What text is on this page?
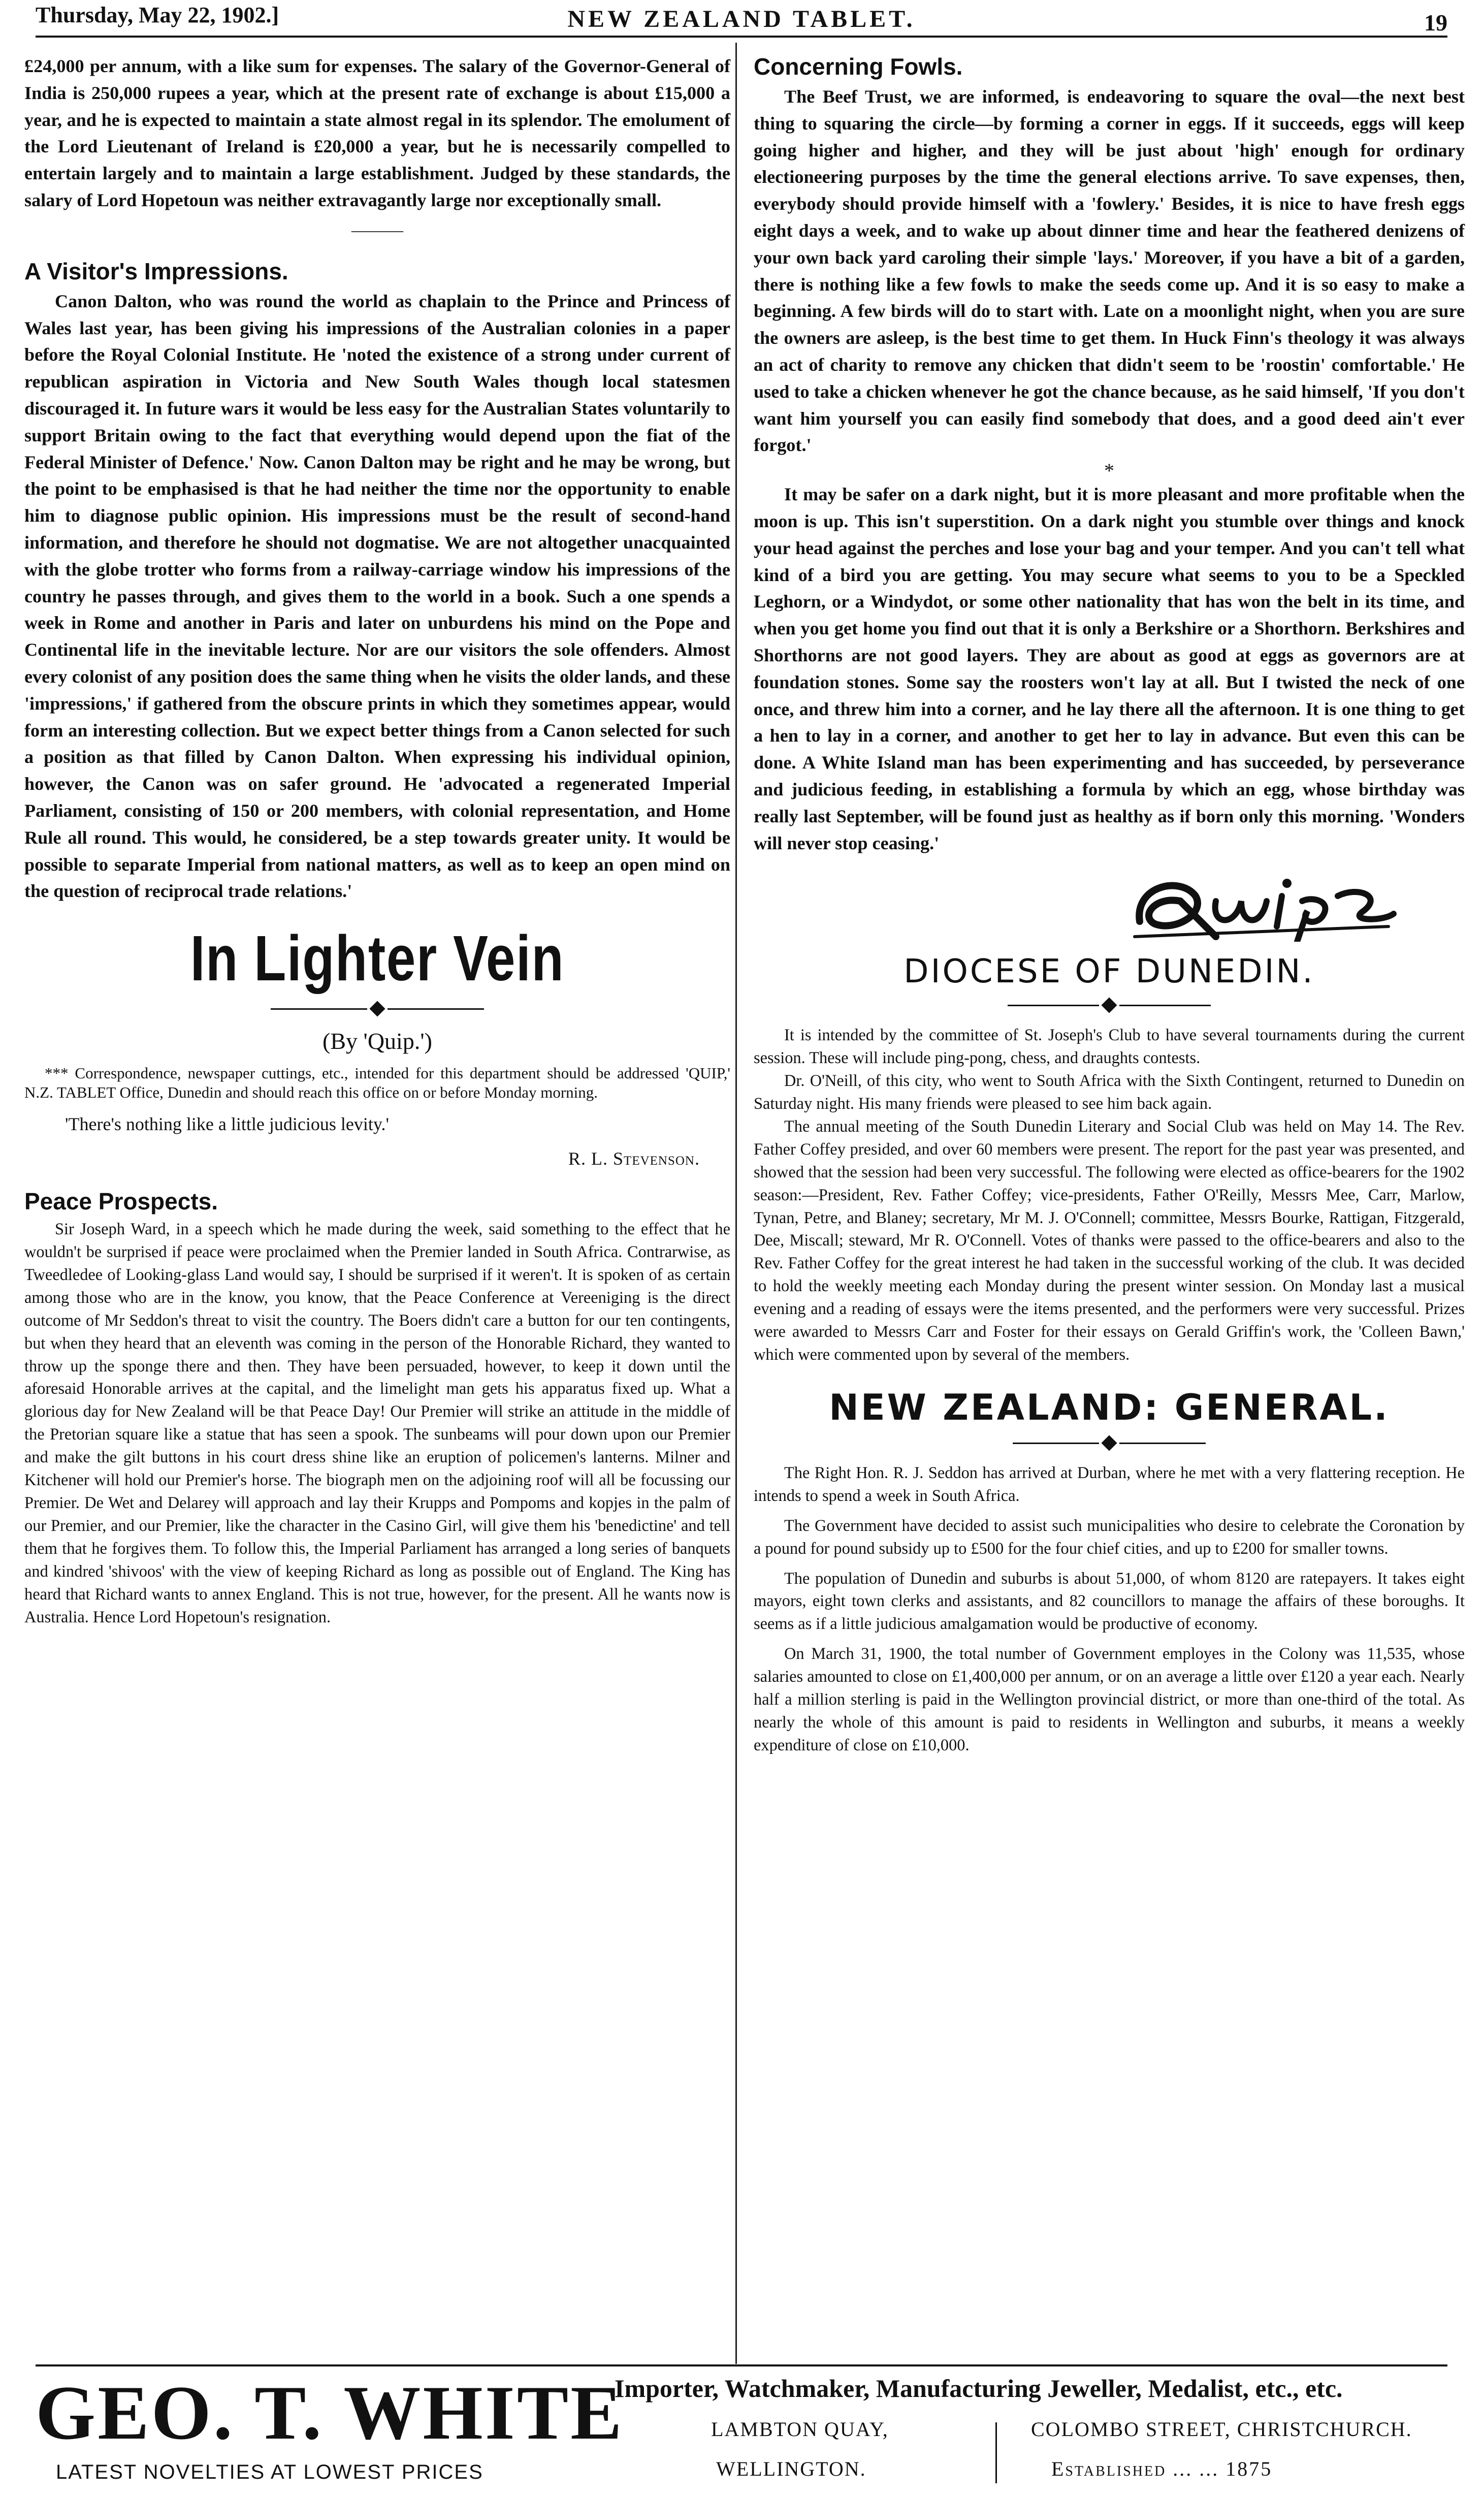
Thursday, May 22, 1902.]	NEW ZEALAND TABLET.	19

£24,000 per annum, with a like sum for expenses. The salary of the Governor-General of India is 250,000 rupees a year, which at the present rate of exchange is about £15,000 a year, and he is expected to maintain a state almost regal in its splendor. The emolument of the Lord Lieutenant of Ireland is £20,000 a year, but he is necessarily compelled to entertain largely and to maintain a large establishment. Judged by these standards, the salary of Lord Hopetoun was neither extravagantly large nor exceptionally small.

———
A Visitor's Impressions.

Canon Dalton, who was round the world as chaplain to the Prince and Princess of Wales last year, has been giving his impressions of the Australian colonies in a paper before the Royal Colonial Institute. He 'noted the existence of a strong under current of republican aspiration in Victoria and New South Wales though local statesmen discouraged it. In future wars it would be less easy for the Australian States voluntarily to support Britain owing to the fact that everything would depend upon the fiat of the Federal Minister of Defence.' Now. Canon Dalton may be right and he may be wrong, but the point to be emphasised is that he had neither the time nor the opportunity to enable him to diagnose public opinion. His impressions must be the result of second-hand information, and therefore he should not dogmatise. We are not altogether unacquainted with the globe trotter who forms from a railway-carriage window his impressions of the country he passes through, and gives them to the world in a book. Such a one spends a week in Rome and another in Paris and later on unburdens his mind on the Pope and Continental life in the inevitable lecture. Nor are our visitors the sole offenders. Almost every colonist of any position does the same thing when he visits the older lands, and these 'impressions,' if gathered from the obscure prints in which they sometimes appear, would form an interesting collection. But we expect better things from a Canon selected for such a position as that filled by Canon Dalton. When expressing his individual opinion, however, the Canon was on safer ground. He 'advocated a regenerated Imperial Parliament, consisting of 150 or 200 members, with colonial representation, and Home Rule all round. This would, he considered, be a step towards greater unity. It would be possible to separate Imperial from national matters, as well as to keep an open mind on the question of reciprocal trade relations.'

In Lighter Vein
(By 'Quip.')
*** Correspondence, newspaper cuttings, etc., intended for this department should be addressed 'QUIP,' N.Z. TABLET Office, Dunedin and should reach this office on or before Monday morning.
'There's nothing like a little judicious levity.'
R. L. Stevenson.
Peace Prospects.

Sir Joseph Ward, in a speech which he made during the week, said something to the effect that he wouldn't be surprised if peace were proclaimed when the Premier landed in South Africa. Contrarwise, as Tweedledee of Looking-glass Land would say, I should be surprised if it weren't. It is spoken of as certain among those who are in the know, you know, that the Peace Conference at Vereeniging is the direct outcome of Mr Seddon's threat to visit the country. The Boers didn't care a button for our ten contingents, but when they heard that an eleventh was coming in the person of the Honorable Richard, they wanted to throw up the sponge there and then. They have been persuaded, however, to keep it down until the aforesaid Honorable arrives at the capital, and the limelight man gets his apparatus fixed up. What a glorious day for New Zealand will be that Peace Day! Our Premier will strike an attitude in the middle of the Pretorian square like a statue that has seen a spook. The sunbeams will pour down upon our Premier and make the gilt buttons in his court dress shine like an eruption of policemen's lanterns. Milner and Kitchener will hold our Premier's horse. The biograph men on the adjoining roof will all be focussing our Premier. De Wet and Delarey will approach and lay their Krupps and Pompoms and kopjes in the palm of our Premier, and our Premier, like the character in the Casino Girl, will give them his 'benedictine' and tell them that he forgives them. To follow this, the Imperial Parliament has arranged a long series of banquets and kindred 'shivoos' with the view of keeping Richard as long as possible out of England. The King has heard that Richard wants to annex England. This is not true, however, for the present. All he wants now is Australia. Hence Lord Hopetoun's resignation.

Concerning Fowls.

The Beef Trust, we are informed, is endeavoring to square the oval—the next best thing to squaring the circle—by forming a corner in eggs. If it succeeds, eggs will keep going higher and higher, and they will be just about 'high' enough for ordinary electioneering purposes by the time the general elections arrive. To save expenses, then, everybody should provide himself with a 'fowlery.' Besides, it is nice to have fresh eggs eight days a week, and to wake up about dinner time and hear the feathered denizens of your own back yard caroling their simple 'lays.' Moreover, if you have a bit of a garden, there is nothing like a few fowls to make the seeds come up. And it is so easy to make a beginning. A few birds will do to start with. Late on a moonlight night, when you are sure the owners are asleep, is the best time to get them. In Huck Finn's theology it was always an act of charity to remove any chicken that didn't seem to be 'roostin' comfortable.' He used to take a chicken whenever he got the chance because, as he said himself, 'If you don't want him yourself you can easily find somebody that does, and a good deed ain't ever forgot.'

*

It may be safer on a dark night, but it is more pleasant and more profitable when the moon is up. This isn't superstition. On a dark night you stumble over things and knock your head against the perches and lose your bag and your temper. And you can't tell what kind of a bird you are getting. You may secure what seems to you to be a Speckled Leghorn, or a Windydot, or some other nationality that has won the belt in its time, and when you get home you find out that it is only a Berkshire or a Shorthorn. Berkshires and Shorthorns are not good layers. They are about as good at eggs as governors are at foundation stones. Some say the roosters won't lay at all. But I twisted the neck of one once, and threw him into a corner, and he lay there all the afternoon. It is one thing to get a hen to lay in a corner, and another to get her to lay in advance. But even this can be done. A White Island man has been experimenting and has succeeded, by perseverance and judicious feeding, in establishing a formula by which an egg, whose birthday was really last September, will be found just as healthy as if born only this morning. 'Wonders will never stop ceasing.'

DIOCESE OF DUNEDIN.

It is intended by the committee of St. Joseph's Club to have several tournaments during the current session. These will include ping-pong, chess, and draughts contests.

Dr. O'Neill, of this city, who went to South Africa with the Sixth Contingent, returned to Dunedin on Saturday night. His many friends were pleased to see him back again.

The annual meeting of the South Dunedin Literary and Social Club was held on May 14. The Rev. Father Coffey presided, and over 60 members were present. The report for the past year was presented, and showed that the session had been very successful. The following were elected as office-bearers for the 1902 season:—President, Rev. Father Coffey; vice-presidents, Father O'Reilly, Messrs Mee, Carr, Marlow, Tynan, Petre, and Blaney; secretary, Mr M. J. O'Connell; committee, Messrs Bourke, Rattigan, Fitzgerald, Dee, Miscall; steward, Mr R. O'Connell. Votes of thanks were passed to the office-bearers and also to the Rev. Father Coffey for the great interest he had taken in the successful working of the club. It was decided to hold the weekly meeting each Monday during the present winter session. On Monday last a musical evening and a reading of essays were the items presented, and the performers were very successful. Prizes were awarded to Messrs Carr and Foster for their essays on Gerald Griffin's work, the 'Colleen Bawn,' which were commented upon by several of the members.

NEW ZEALAND: GENERAL.

The Right Hon. R. J. Seddon has arrived at Durban, where he met with a very flattering reception. He intends to spend a week in South Africa.

The Government have decided to assist such municipalities who desire to celebrate the Coronation by a pound for pound subsidy up to £500 for the four chief cities, and up to £200 for smaller towns.

The population of Dunedin and suburbs is about 51,000, of whom 8120 are ratepayers. It takes eight mayors, eight town clerks and assistants, and 82 councillors to manage the affairs of these boroughs. It seems as if a little judicious amalgamation would be productive of economy.

On March 31, 1900, the total number of Government employes in the Colony was 11,535, whose salaries amounted to close on £1,400,000 per annum, or on an average a little over £120 a year each. Nearly half a million sterling is paid in the Wellington provincial district, or more than one-third of the total. As nearly the whole of this amount is paid to residents in Wellington and suburbs, it means a weekly expenditure of close on £10,000.

GEO. T. WHITE
LATEST NOVELTIES AT LOWEST PRICES
Importer, Watchmaker, Manufacturing Jeweller, Medalist, etc., etc.
LAMBTON QUAY,
WELLINGTON.
COLOMBO STREET, CHRISTCHURCH.
Established ... ... 1875
